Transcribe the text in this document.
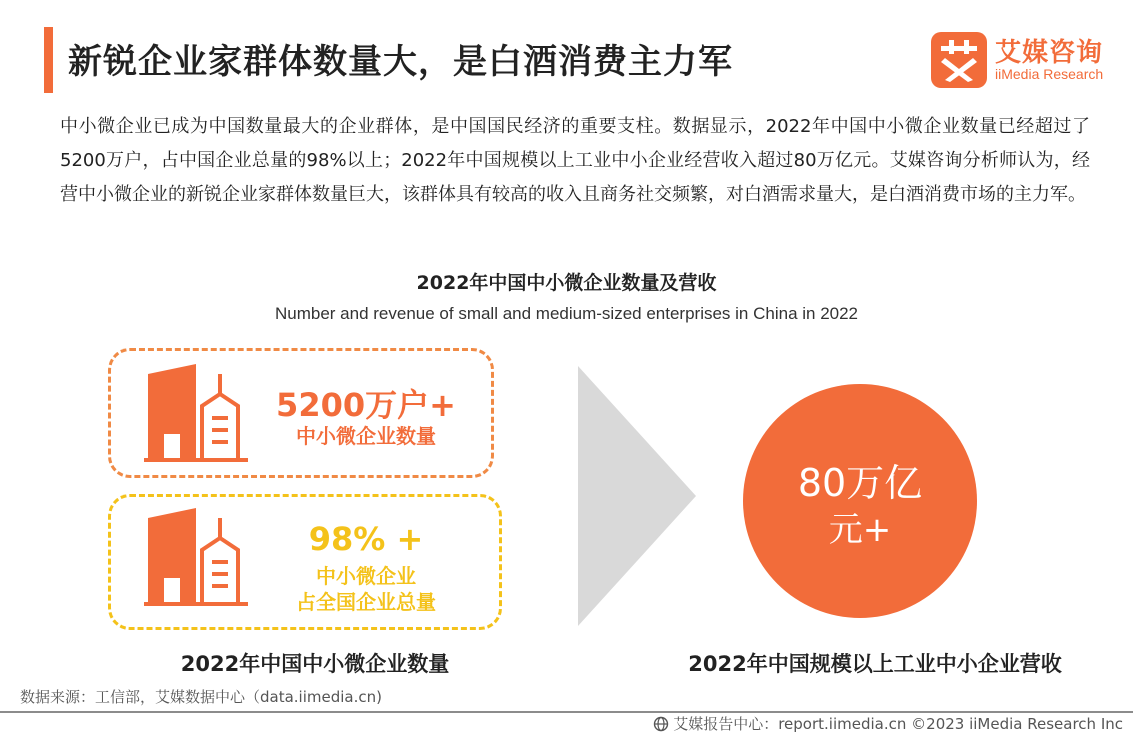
新锐企业家群体数量大，是白酒消费主力军	艾媒咨询
iiMedia Research
中小微企业已成为中国数量最大的企业群体，是中国国民经济的重要支柱。数据显示，2022年中国中小微企业数量已经超过了5200万户，占中国企业总量的98%以上；2022年中国规模以上工业中小企业经营收入超过80万亿元。艾媒咨询分析师认为，经营中小微企业的新锐企业家群体数量巨大，该群体具有较高的收入且商务社交频繁，对白酒需求量大，是白酒消费市场的主力军。
2022年中国中小微企业数量及营收
Number and revenue of small and medium-sized enterprises in China in 2022
5200万户+
中小微企业数量
98% +
中小微企业
占全国企业总量
80万亿
元+
2022年中国中小微企业数量	2022年中国规模以上工业中小企业营收
数据来源：工信部，艾媒数据中心（data.iimedia.cn)
艾媒报告中心：report.iimedia.cn ©2023 iiMedia Research Inc
